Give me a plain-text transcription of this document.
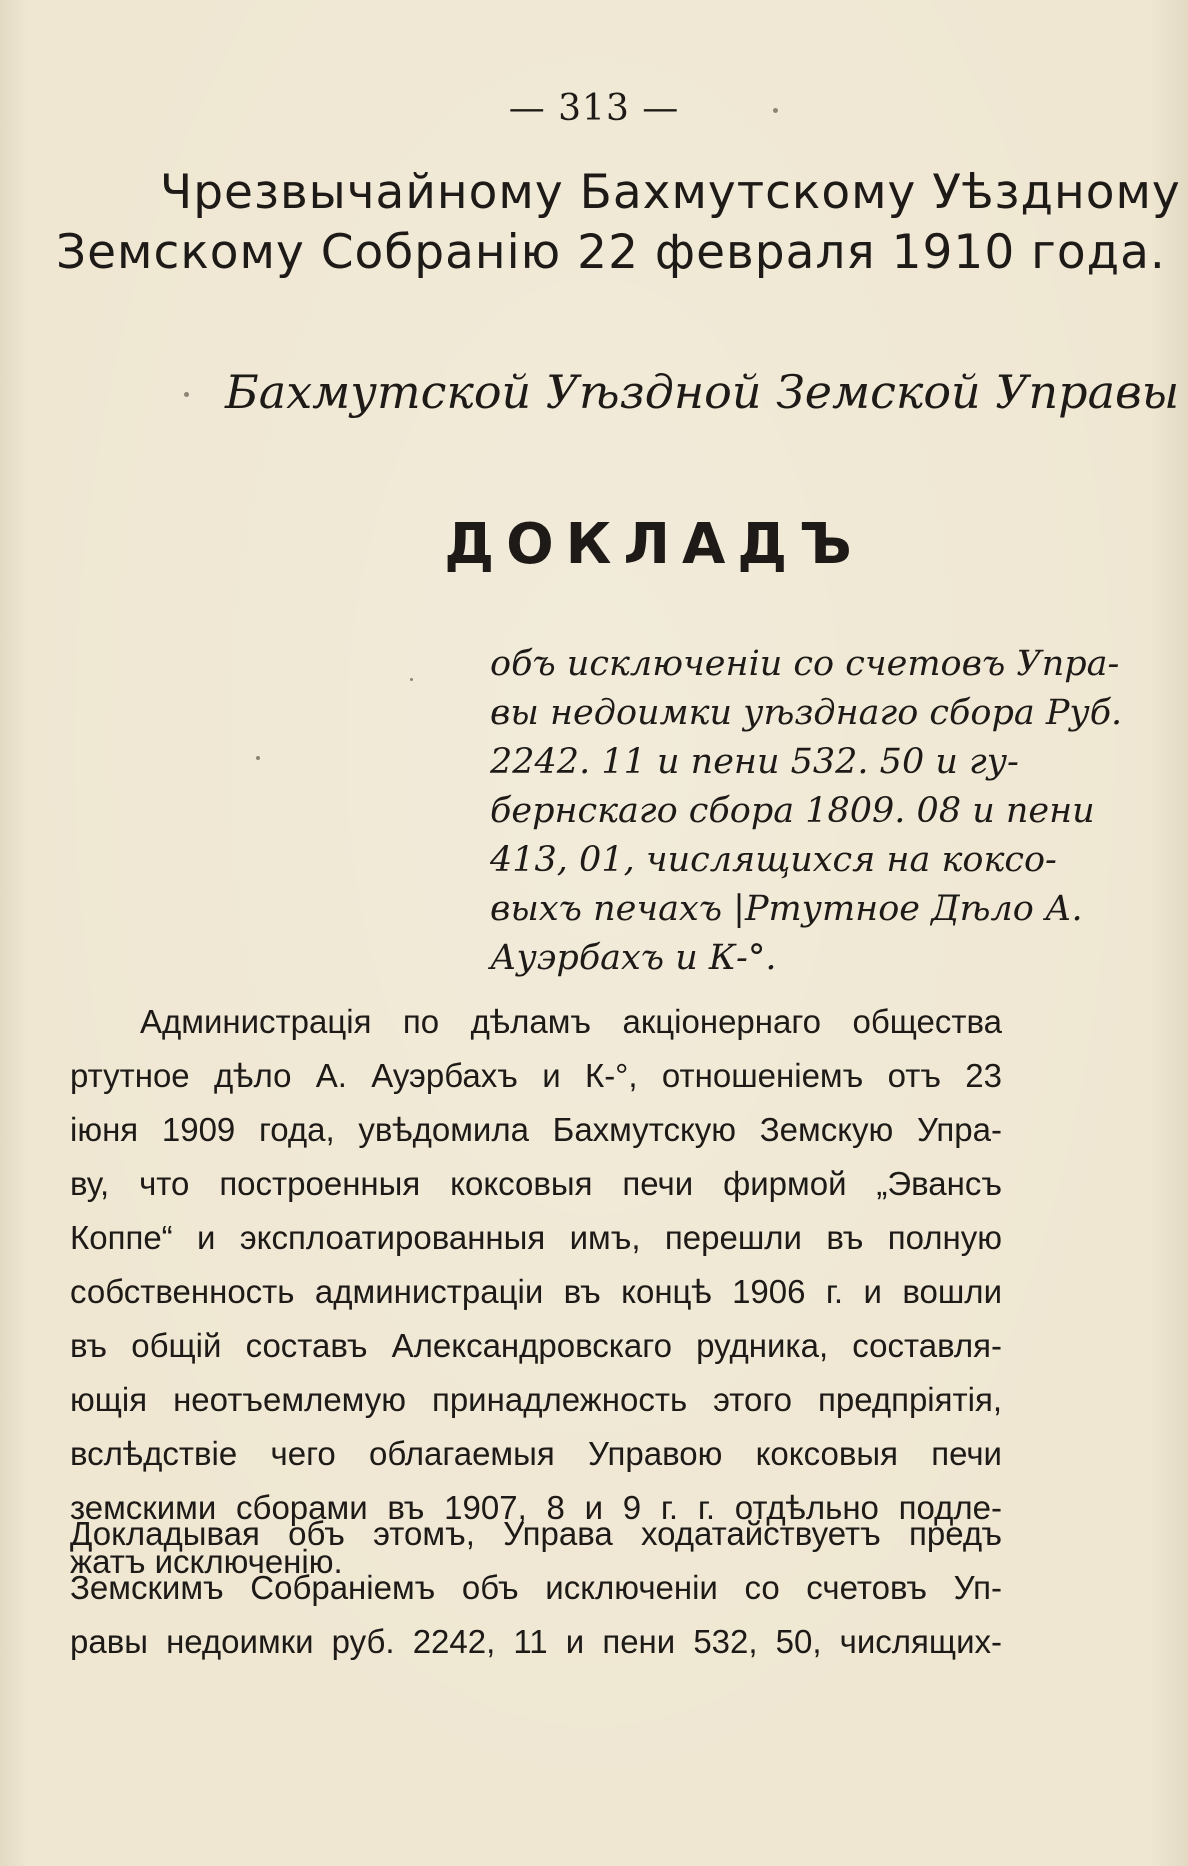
— 313 —
Чрезвычайному Бахмутскому Уѣздному
Земскому Собранію 22 февраля 1910 года.
Бахмутской Уѣздной Земской Управы
ДОКЛАДЪ
объ исключеніи со счетовъ Упра-
вы недоимки уѣзднаго сбора Руб.
2242. 11 и пени 532. 50 и гу-
бернскаго сбора 1809. 08 и пени
413, 01, числящихся на коксо-
выхъ печахъ |Ртутное Дѣло А.
Ауэрбахъ и К-°.
Администрація по дѣламъ акціонернаго общества
ртутное дѣло А. Ауэрбахъ и К-°, отношеніемъ отъ 23
іюня 1909 года, увѣдомила Бахмутскую Земскую Упра-
ву, что построенныя коксовыя печи фирмой „Эвансъ
Коппе“ и эксплоатированныя имъ, перешли въ полную
собственность администраціи въ концѣ 1906 г. и вошли
въ общій составъ Александровскаго рудника, составля-
ющія неотъемлемую принадлежность этого предпріятія,
вслѣдствіе чего облагаемыя Управою коксовыя печи
земскими сборами въ 1907, 8 и 9 г. г. отдѣльно подле-
жатъ исключенію.
Докладывая объ этомъ, Управа ходатайствуетъ предъ
Земскимъ Собраніемъ объ исключеніи со счетовъ Уп-
равы недоимки руб. 2242, 11 и пени 532, 50, числящих-
